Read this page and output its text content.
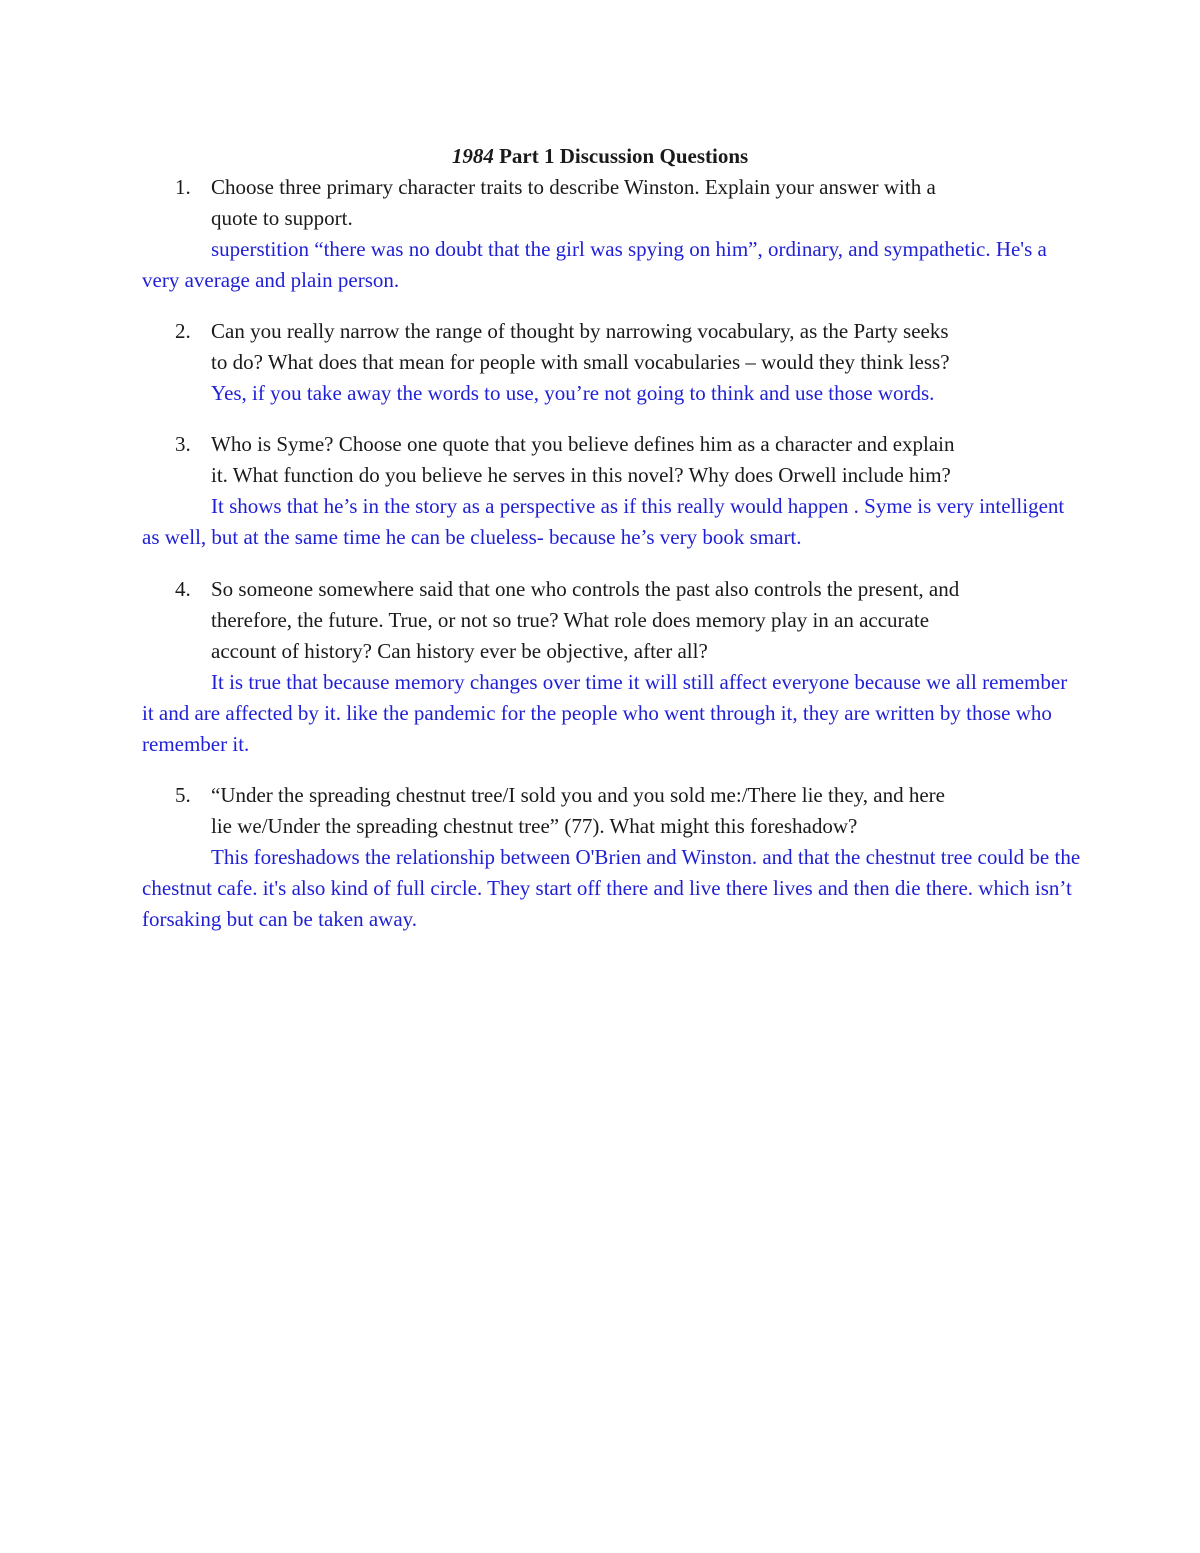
1984 Part 1 Discussion Questions
1. Choose three primary character traits to describe Winston. Explain your answer with a
quote to support.
superstition “there was no doubt that the girl was spying on him”, ordinary, and sympathetic. He's a very average and plain person.
2. Can you really narrow the range of thought by narrowing vocabulary, as the Party seeks
to do? What does that mean for people with small vocabularies – would they think less?
Yes, if you take away the words to use, you’re not going to think and use those words.
3. Who is Syme? Choose one quote that you believe defines him as a character and explain
it. What function do you believe he serves in this novel? Why does Orwell include him?
It shows that he’s in the story as a perspective as if this really would happen . Syme is very intelligent as well, but at the same time he can be clueless- because he’s very book smart.
4. So someone somewhere said that one who controls the past also controls the present, and
therefore, the future. True, or not so true? What role does memory play in an accurate
account of history? Can history ever be objective, after all?
It is true that because memory changes over time it will still affect everyone because we all remember it and are affected by it. like the pandemic for the people who went through it, they are written by those who remember it.
5. “Under the spreading chestnut tree/I sold you and you sold me:/There lie they, and here
lie we/Under the spreading chestnut tree” (77). What might this foreshadow?
This foreshadows the relationship between O'Brien and Winston. and that the chestnut tree could be the chestnut cafe. it's also kind of full circle. They start off there and live there lives and then die there. which isn’t forsaking but can be taken away.
